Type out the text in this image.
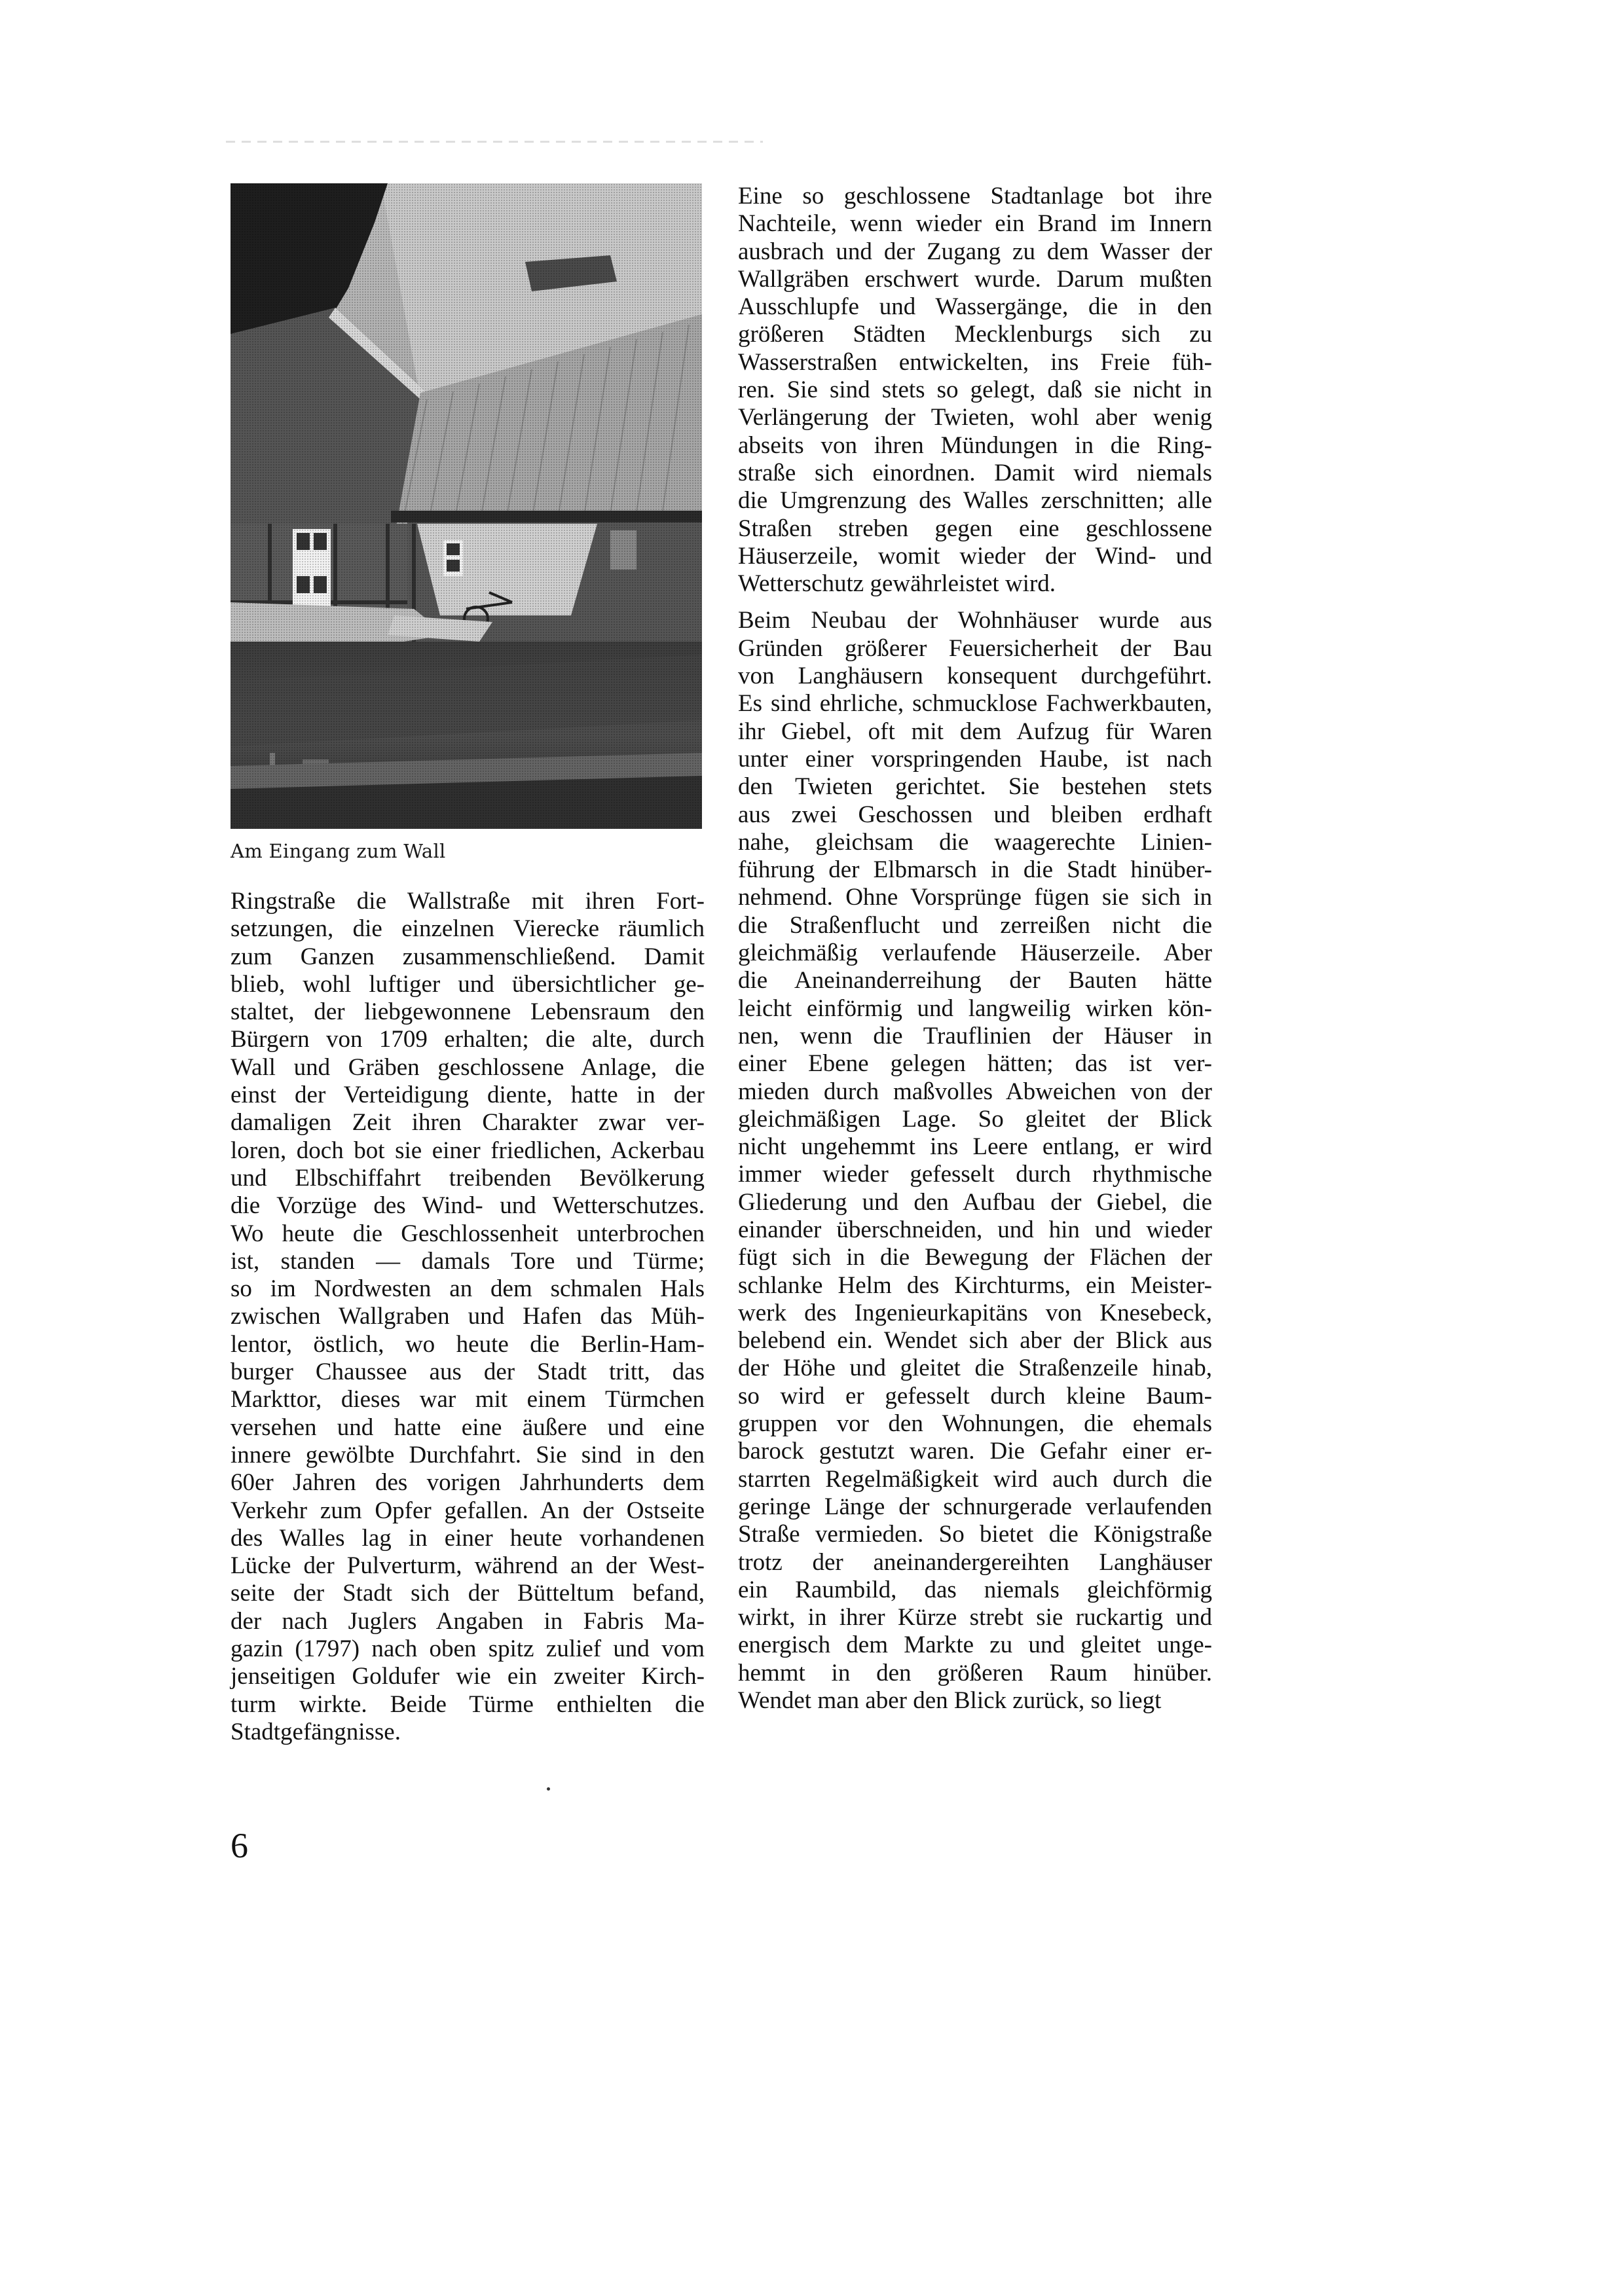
Am Eingang zum Wall

Ringstraße die Wallstraße mit ihren Fort-
setzungen, die einzelnen Vierecke räumlich
zum Ganzen zusammenschließend. Damit
blieb, wohl luftiger und übersichtlicher ge-
staltet, der liebgewonnene Lebensraum den
Bürgern von 1709 erhalten; die alte, durch
Wall und Gräben geschlossene Anlage, die
einst der Verteidigung diente, hatte in der
damaligen Zeit ihren Charakter zwar ver-
loren, doch bot sie einer friedlichen, Ackerbau
und Elbschiffahrt treibenden Bevölkerung
die Vorzüge des Wind- und Wetterschutzes.
Wo heute die Geschlossenheit unterbrochen
ist, standen — damals Tore und Türme;
so im Nordwesten an dem schmalen Hals
zwischen Wallgraben und Hafen das Müh-
lentor, östlich, wo heute die Berlin-Ham-
burger Chaussee aus der Stadt tritt, das
Markttor, dieses war mit einem Türmchen
versehen und hatte eine äußere und eine
innere gewölbte Durchfahrt. Sie sind in den
60er Jahren des vorigen Jahrhunderts dem
Verkehr zum Opfer gefallen. An der Ostseite
des Walles lag in einer heute vorhandenen
Lücke der Pulverturm, während an der West-
seite der Stadt sich der Bütteltum befand,
der nach Juglers Angaben in Fabris Ma-
gazin (1797) nach oben spitz zulief und vom
jenseitigen Goldufer wie ein zweiter Kirch-
turm wirkte. Beide Türme enthielten die
Stadtgefängnisse.

Eine so geschlossene Stadtanlage bot ihre
Nachteile, wenn wieder ein Brand im Innern
ausbrach und der Zugang zu dem Wasser der
Wallgräben erschwert wurde. Darum mußten
Ausschlupfe und Wassergänge, die in den
größeren Städten Mecklenburgs sich zu
Wasserstraßen entwickelten, ins Freie füh-
ren. Sie sind stets so gelegt, daß sie nicht in
Verlängerung der Twieten, wohl aber wenig
abseits von ihren Mündungen in die Ring-
straße sich einordnen. Damit wird niemals
die Umgrenzung des Walles zerschnitten; alle
Straßen streben gegen eine geschlossene
Häuserzeile, womit wieder der Wind- und
Wetterschutz gewährleistet wird.

Beim Neubau der Wohnhäuser wurde aus
Gründen größerer Feuersicherheit der Bau
von Langhäusern konsequent durchgeführt.
Es sind ehrliche, schmucklose Fachwerkbauten,
ihr Giebel, oft mit dem Aufzug für Waren
unter einer vorspringenden Haube, ist nach
den Twieten gerichtet. Sie bestehen stets
aus zwei Geschossen und bleiben erdhaft
nahe, gleichsam die waagerechte Linien-
führung der Elbmarsch in die Stadt hinüber-
nehmend. Ohne Vorsprünge fügen sie sich in
die Straßenflucht und zerreißen nicht die
gleichmäßig verlaufende Häuserzeile. Aber
die Aneinanderreihung der Bauten hätte
leicht einförmig und langweilig wirken kön-
nen, wenn die Trauflinien der Häuser in
einer Ebene gelegen hätten; das ist ver-
mieden durch maßvolles Abweichen von der
gleichmäßigen Lage. So gleitet der Blick
nicht ungehemmt ins Leere entlang, er wird
immer wieder gefesselt durch rhythmische
Gliederung und den Aufbau der Giebel, die
einander überschneiden, und hin und wieder
fügt sich in die Bewegung der Flächen der
schlanke Helm des Kirchturms, ein Meister-
werk des Ingenieurkapitäns von Knesebeck,
belebend ein. Wendet sich aber der Blick aus
der Höhe und gleitet die Straßenzeile hinab,
so wird er gefesselt durch kleine Baum-
gruppen vor den Wohnungen, die ehemals
barock gestutzt waren. Die Gefahr einer er-
starrten Regelmäßigkeit wird auch durch die
geringe Länge der schnurgerade verlaufenden
Straße vermieden. So bietet die Königstraße
trotz der aneinandergereihten Langhäuser
ein Raumbild, das niemals gleichförmig
wirkt, in ihrer Kürze strebt sie ruckartig und
energisch dem Markte zu und gleitet unge-
hemmt in den größeren Raum hinüber.
Wendet man aber den Blick zurück, so liegt

6
